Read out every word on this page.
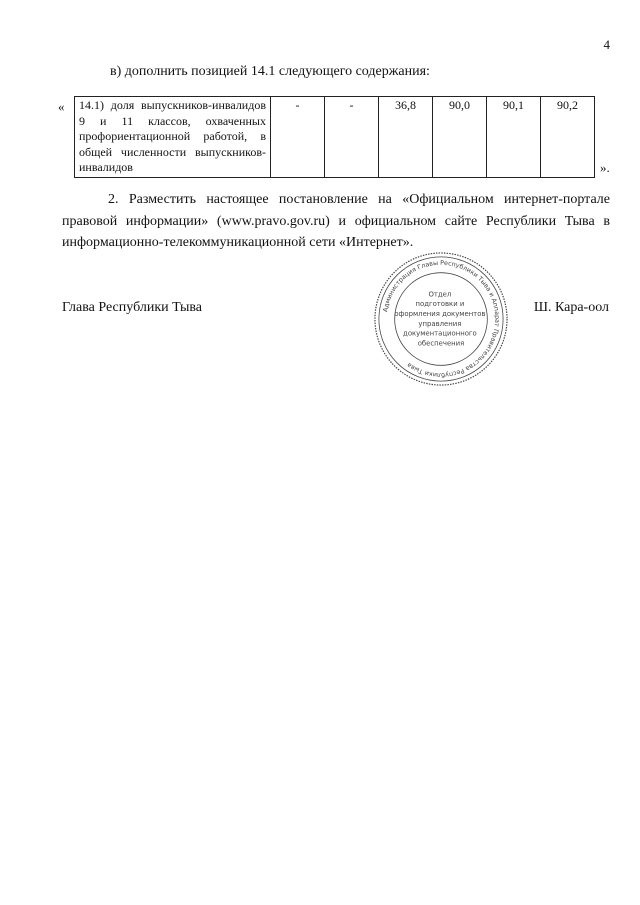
4
в) дополнить позицией 14.1 следующего содержания:
« 14.1) доля выпускников-инвалидов 9 и 11 классов, охваченных профориентационной работой, в общей численности выпускников-инвалидов	-	-	36,8	90,0	90,1	90,2
».

2. Разместить настоящее постановление на «Официальном интернет-портале правовой информации» (www.pravo.gov.ru) и официальном сайте Республики Тыва в информационно-телекоммуникационной сети «Интернет».

Глава Республики Тыва	Администрация Главы Республики Тыва и Аппарат Правительства Республики Тыва
Отдел подготовки и оформления документов управления документационного обеспечения
Ш. Кара-оол
